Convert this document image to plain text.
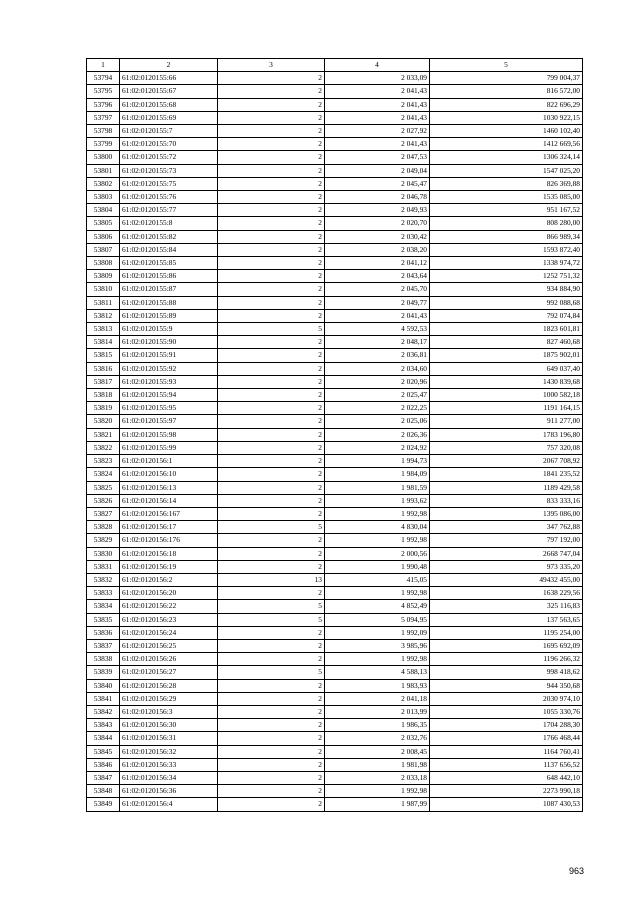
1	2	3	4	5
53794	61:02:0120155:66	2	2 033,09	799 004,37
53795	61:02:0120155:67	2	2 041,43	816 572,00
53796	61:02:0120155:68	2	2 041,43	822 696,29
53797	61:02:0120155:69	2	2 041,43	1030 922,15
53798	61:02:0120155:7	2	2 027,92	1460 102,40
53799	61:02:0120155:70	2	2 041,43	1412 669,56
53800	61:02:0120155:72	2	2 047,53	1306 324,14
53801	61:02:0120155:73	2	2 049,04	1547 025,20
53802	61:02:0120155:75	2	2 045,47	826 369,88
53803	61:02:0120155:76	2	2 046,78	1535 085,00
53804	61:02:0120155:77	2	2 049,93	951 167,52
53805	61:02:0120155:8	2	2 020,70	808 280,00
53806	61:02:0120155:82	2	2 030,42	866 989,34
53807	61:02:0120155:84	2	2 038,20	1593 872,40
53808	61:02:0120155:85	2	2 041,12	1338 974,72
53809	61:02:0120155:86	2	2 043,64	1252 751,32
53810	61:02:0120155:87	2	2 045,70	934 884,90
53811	61:02:0120155:88	2	2 049,77	992 088,68
53812	61:02:0120155:89	2	2 041,43	792 074,84
53813	61:02:0120155:9	5	4 592,53	1823 601,81
53814	61:02:0120155:90	2	2 048,17	827 460,68
53815	61:02:0120155:91	2	2 036,81	1875 902,01
53816	61:02:0120155:92	2	2 034,60	649 037,40
53817	61:02:0120155:93	2	2 020,96	1430 839,68
53818	61:02:0120155:94	2	2 025,47	1000 582,18
53819	61:02:0120155:95	2	2 022,25	1191 164,15
53820	61:02:0120155:97	2	2 025,06	911 277,00
53821	61:02:0120155:98	2	2 026,36	1783 196,80
53822	61:02:0120155:99	2	2 024,92	757 320,08
53823	61:02:0120156:1	2	1 994,73	2067 708,92
53824	61:02:0120156:10	2	1 984,09	1841 235,52
53825	61:02:0120156:13	2	1 981,59	1189 429,58
53826	61:02:0120156:14	2	1 993,62	833 333,16
53827	61:02:0120156:167	2	1 992,98	1395 086,00
53828	61:02:0120156:17	5	4 830,04	347 762,88
53829	61:02:0120156:176	2	1 992,98	797 192,00
53830	61:02:0120156:18	2	2 000,56	2668 747,04
53831	61:02:0120156:19	2	1 990,48	973 335,20
53832	61:02:0120156:2	13	415,05	49432 455,00
53833	61:02:0120156:20	2	1 992,98	1638 229,56
53834	61:02:0120156:22	5	4 852,49	325 116,83
53835	61:02:0120156:23	5	5 094,95	137 563,65
53836	61:02:0120156:24	2	1 992,09	1195 254,00
53837	61:02:0120156:25	2	3 985,96	1695 692,09
53838	61:02:0120156:26	2	1 992,98	1196 266,32
53839	61:02:0120156:27	5	4 588,13	998 418,62
53840	61:02:0120156:28	2	1 983,93	944 350,68
53841	61:02:0120156:29	2	2 041,18	2030 974,10
53842	61:02:0120156:3	2	2 013,99	1055 330,76
53843	61:02:0120156:30	2	1 986,35	1704 288,30
53844	61:02:0120156:31	2	2 032,76	1766 468,44
53845	61:02:0120156:32	2	2 008,45	1164 760,41
53846	61:02:0120156:33	2	1 981,98	1137 656,52
53847	61:02:0120156:34	2	2 033,18	648 442,10
53848	61:02:0120156:36	2	1 992,98	2273 990,18
53849	61:02:0120156:4	2	1 987,99	1087 430,53
963
